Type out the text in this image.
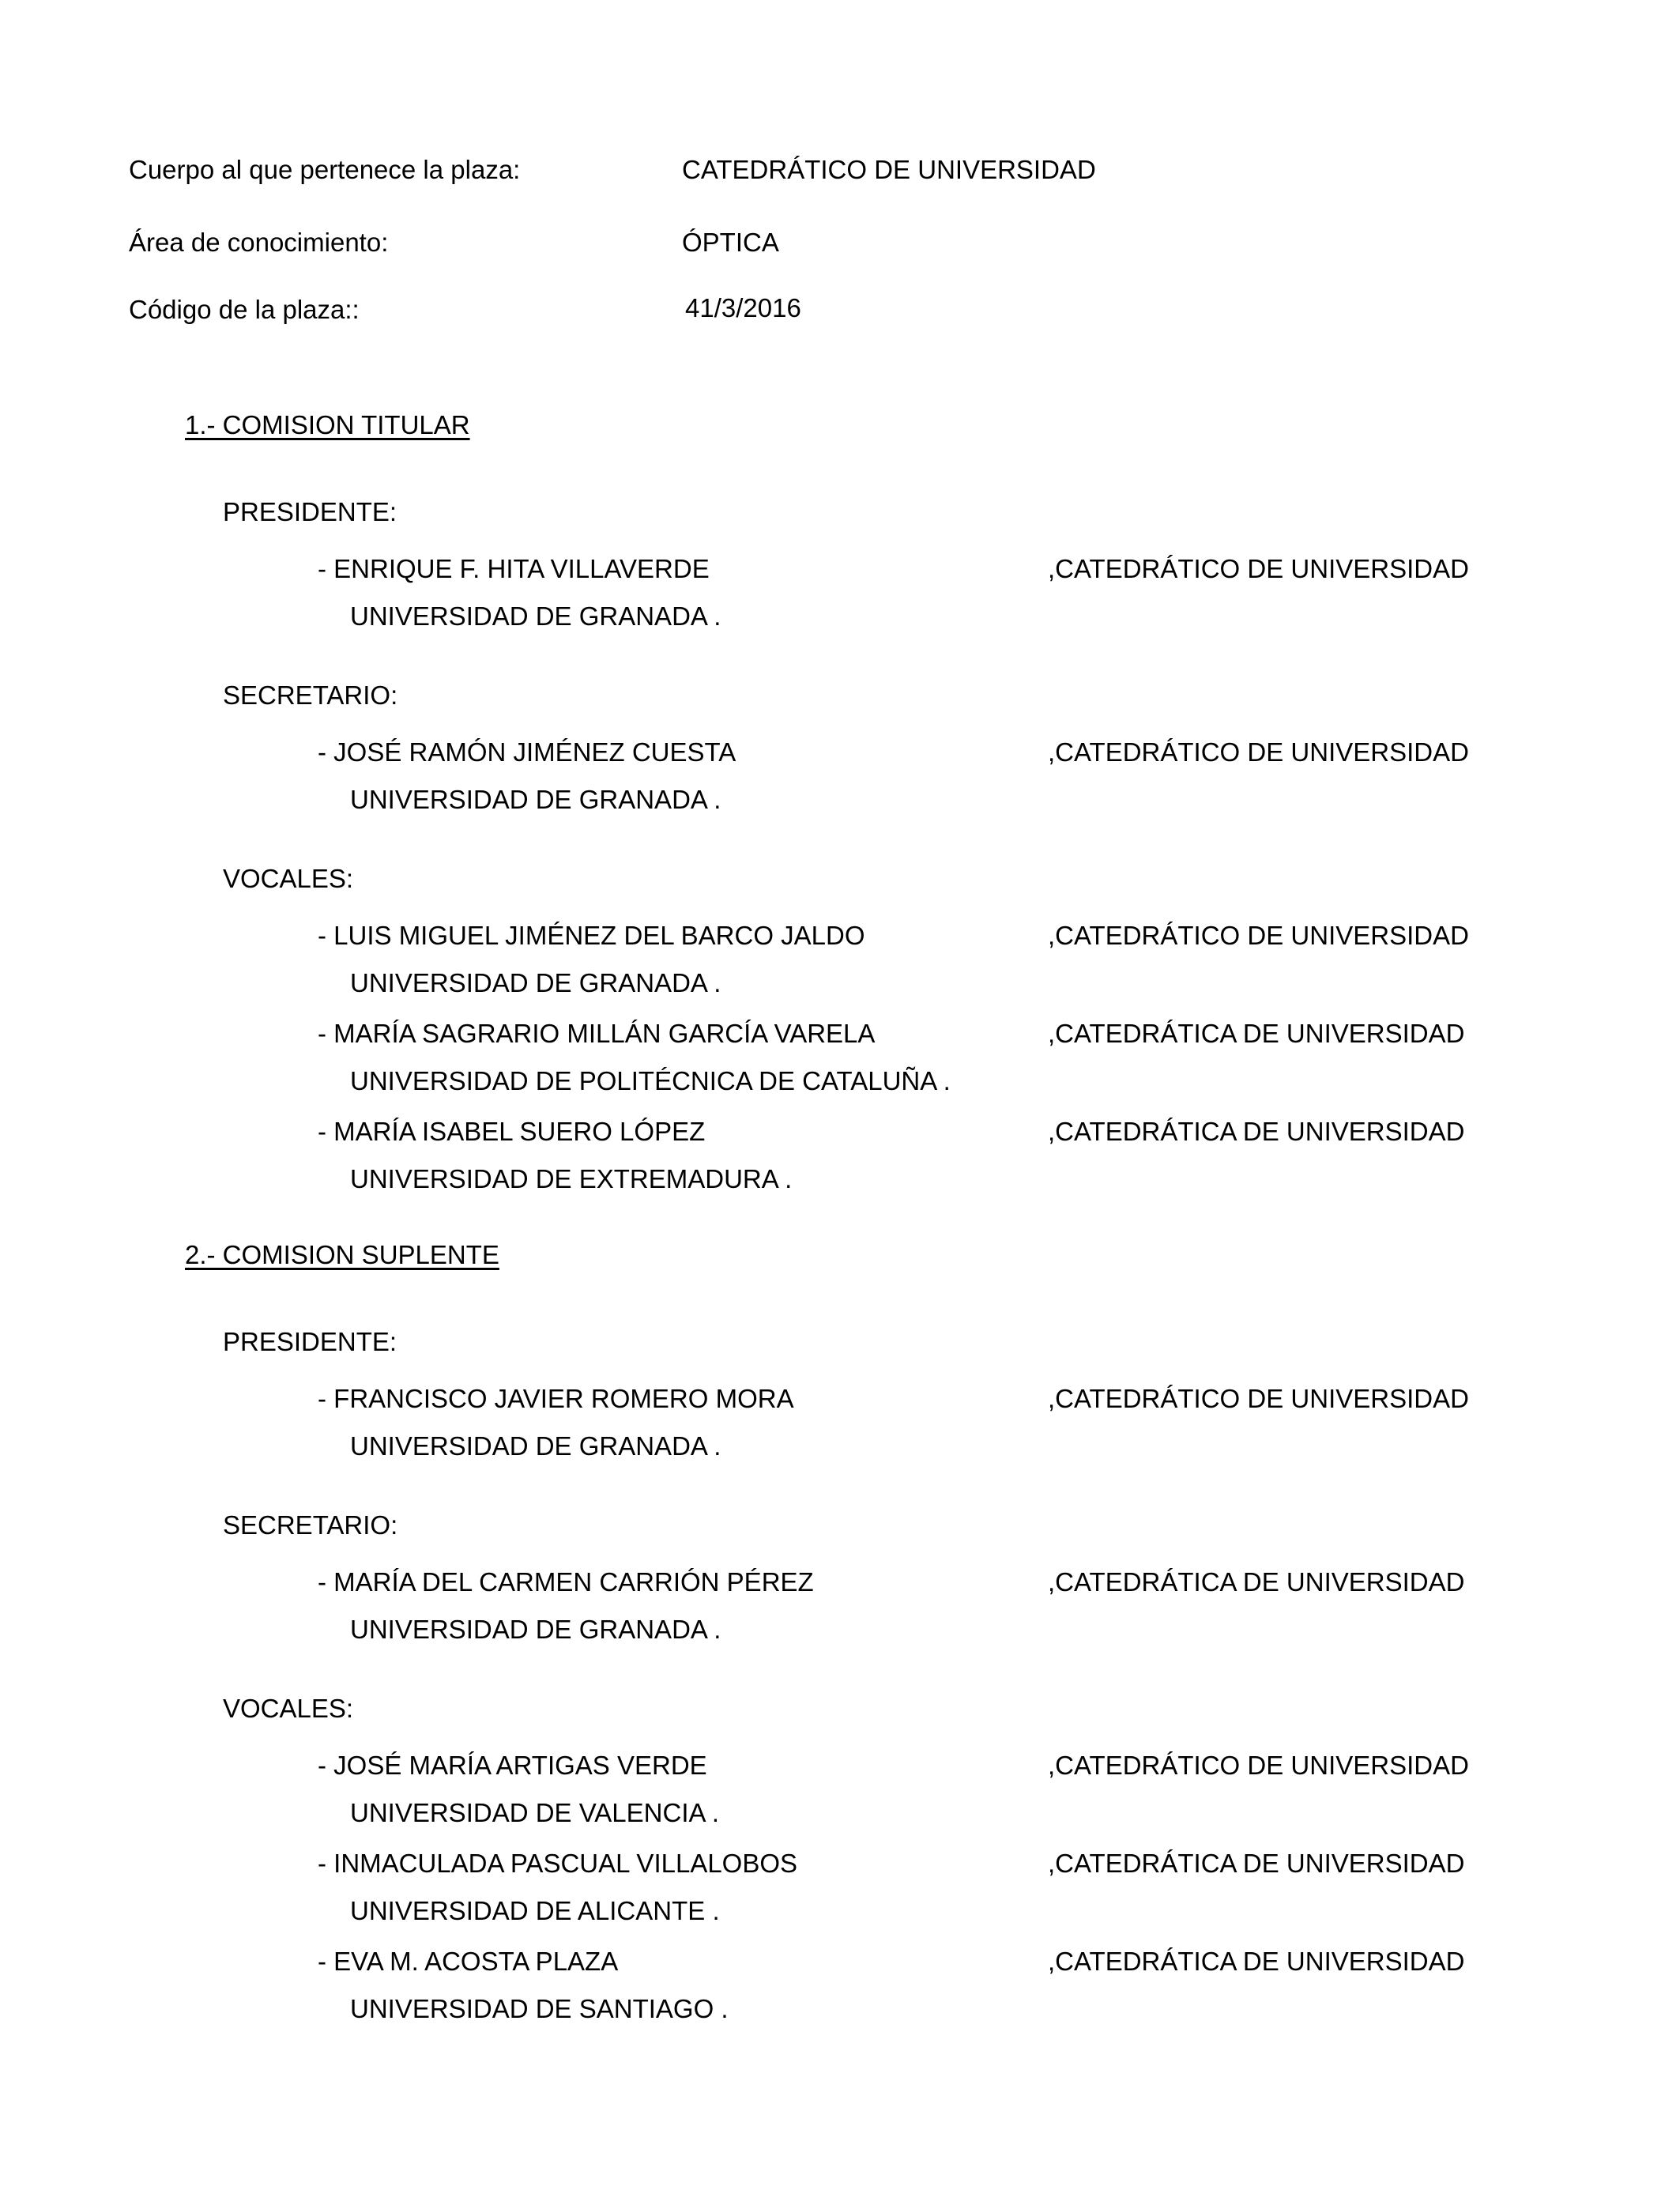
Cuerpo al que pertenece la plaza:	CATEDRÁTICO DE UNIVERSIDAD
Área de conocimiento:	ÓPTICA
Código de la plaza::	41/3/2016
1.- COMISION TITULAR
PRESIDENTE:
- ENRIQUE F. HITA VILLAVERDE	,CATEDRÁTICO DE UNIVERSIDAD
UNIVERSIDAD DE GRANADA .
SECRETARIO:
- JOSÉ RAMÓN JIMÉNEZ CUESTA	,CATEDRÁTICO DE UNIVERSIDAD
UNIVERSIDAD DE GRANADA .
VOCALES:
- LUIS MIGUEL JIMÉNEZ DEL BARCO JALDO	,CATEDRÁTICO DE UNIVERSIDAD
UNIVERSIDAD DE GRANADA .
- MARÍA SAGRARIO MILLÁN GARCÍA VARELA	,CATEDRÁTICA DE UNIVERSIDAD
UNIVERSIDAD DE POLITÉCNICA DE CATALUÑA .
- MARÍA ISABEL SUERO LÓPEZ	,CATEDRÁTICA DE UNIVERSIDAD
UNIVERSIDAD DE EXTREMADURA .
2.- COMISION SUPLENTE
PRESIDENTE:
- FRANCISCO JAVIER ROMERO MORA	,CATEDRÁTICO DE UNIVERSIDAD
UNIVERSIDAD DE GRANADA .
SECRETARIO:
- MARÍA DEL CARMEN CARRIÓN PÉREZ	,CATEDRÁTICA DE UNIVERSIDAD
UNIVERSIDAD DE GRANADA .
VOCALES:
- JOSÉ MARÍA ARTIGAS VERDE	,CATEDRÁTICO DE UNIVERSIDAD
UNIVERSIDAD DE VALENCIA .
- INMACULADA PASCUAL VILLALOBOS	,CATEDRÁTICA DE UNIVERSIDAD
UNIVERSIDAD DE ALICANTE .
- EVA M. ACOSTA PLAZA	,CATEDRÁTICA DE UNIVERSIDAD
UNIVERSIDAD DE SANTIAGO .
